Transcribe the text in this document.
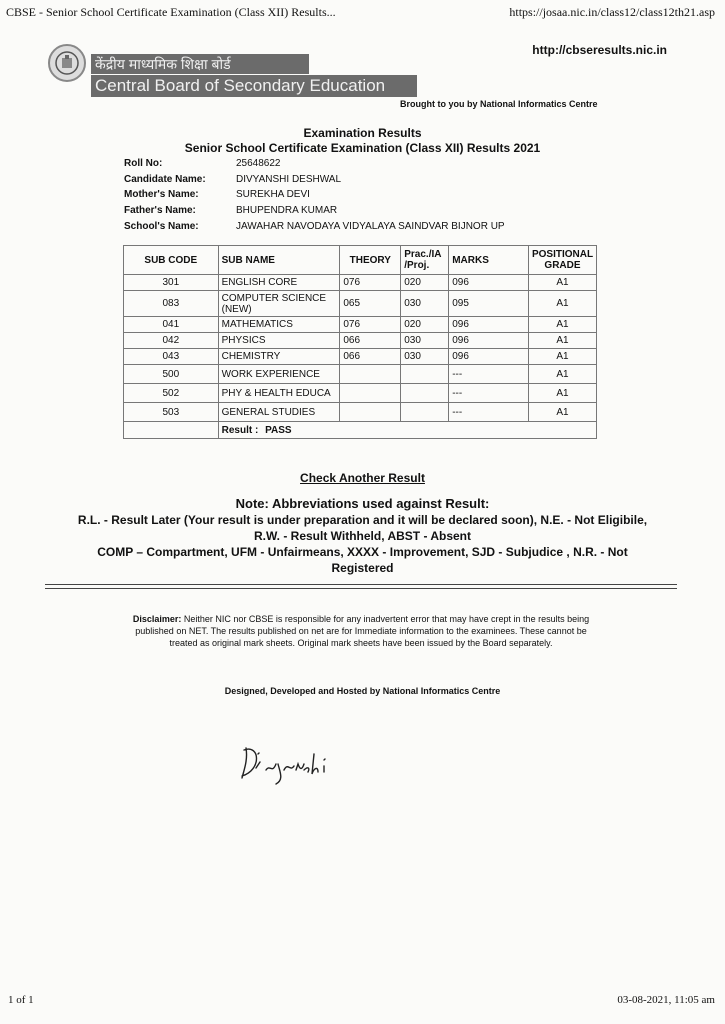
CBSE - Senior School Certificate Examination (Class XII) Results...	https://josaa.nic.in/class12/class12th21.asp
http://cbseresults.nic.in
केंद्रीय माध्यमिक शिक्षा बोर्ड
Central Board of Secondary Education
Brought to you by National Informatics Centre
Examination Results
Senior School Certificate Examination (Class XII) Results 2021
Roll No:	25648622
Candidate Name:	DIVYANSHI DESHWAL
Mother's Name:	SUREKHA DEVI
Father's Name:	BHUPENDRA KUMAR
School's Name:	JAWAHAR NAVODAYA VIDYALAYA SAINDVAR BIJNOR UP
SUB CODE	SUB NAME	THEORY	Prac./IA /Proj.	MARKS	POSITIONAL GRADE
301	ENGLISH CORE	076	020	096	A1
083	COMPUTER SCIENCE (NEW)	065	030	095	A1
041	MATHEMATICS	076	020	096	A1
042	PHYSICS	066	030	096	A1
043	CHEMISTRY	066	030	096	A1
500	WORK EXPERIENCE			---	A1
502	PHY & HEALTH EDUCA			---	A1
503	GENERAL STUDIES			---	A1
	Result : PASS				
Check Another Result
Note: Abbreviations used against Result:
R.L. - Result Later (Your result is under preparation and it will be declared soon), N.E. - Not Eligibile,
R.W. - Result Withheld, ABST - Absent
COMP – Compartment, UFM - Unfairmeans, XXXX - Improvement, SJD - Subjudice , N.R. - Not
Registered
Disclaimer: Neither NIC nor CBSE is responsible for any inadvertent error that may have crept in the results being published on NET. The results published on net are for Immediate information to the examinees. These cannot be treated as original mark sheets. Original mark sheets have been issued by the Board separately.
Designed, Developed and Hosted by National Informatics Centre
1 of 1	03-08-2021, 11:05 am
